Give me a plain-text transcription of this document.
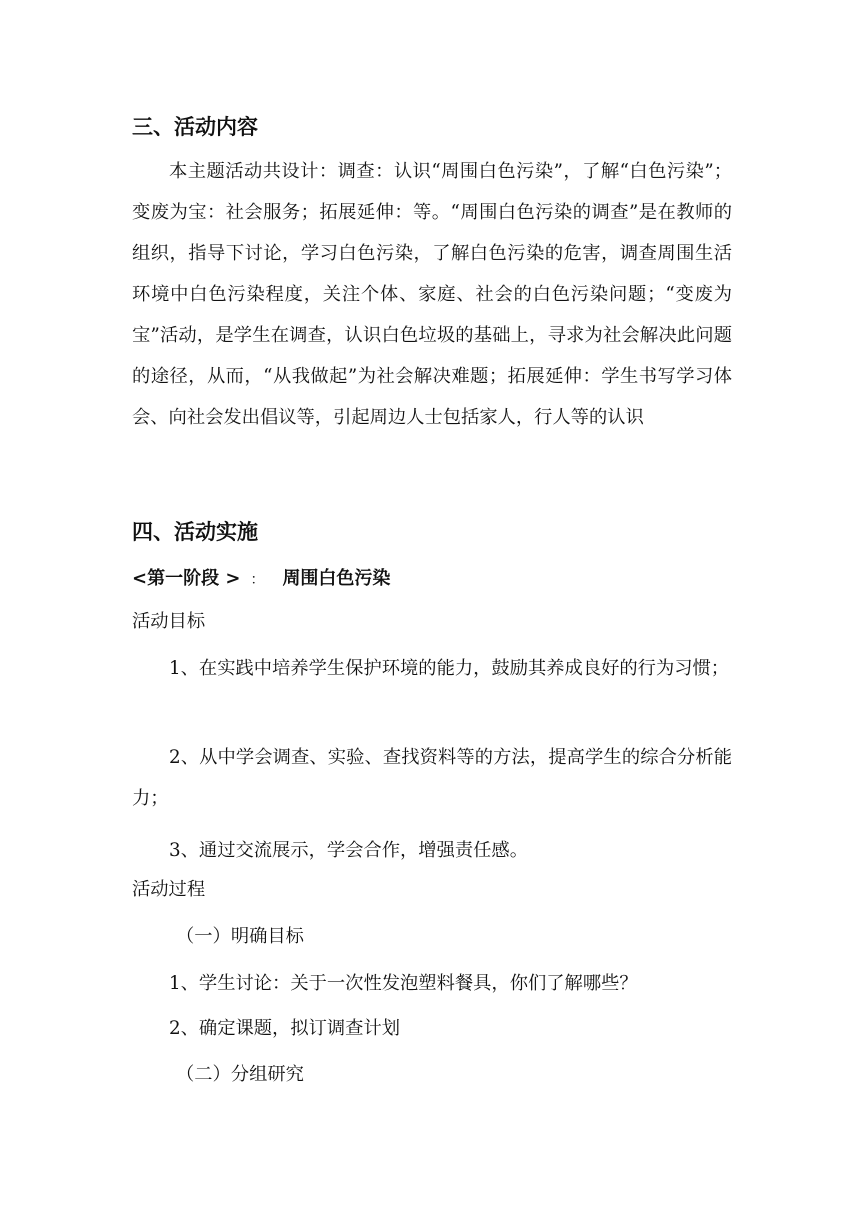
三、活动内容

本主题活动共设计：调查：认识“周围白色污染”，了解“白色污染”；变废为宝：社会服务；拓展延伸：等。“周围白色污染的调查”是在教师的组织，指导下讨论，学习白色污染，了解白色污染的危害，调查周围生活环境中白色污染程度，关注个体、家庭、社会的白色污染问题；“变废为宝”活动，是学生在调查，认识白色垃圾的基础上，寻求为社会解决此问题的途径，从而，“从我做起”为社会解决难题；拓展延伸：学生书写学习体会、向社会发出倡议等，引起周边人士包括家人，行人等的认识

四、活动实施
<第一阶段 > ： 周围白色污染
活动目标

1、在实践中培养学生保护环境的能力，鼓励其养成良好的行为习惯；

2、从中学会调查、实验、查找资料等的方法，提高学生的综合分析能力；

3、通过交流展示，学会合作，增强责任感。

活动过程
（一）明确目标
1、学生讨论：关于一次性发泡塑料餐具，你们了解哪些？
2、确定课题，拟订调查计划
（二）分组研究
